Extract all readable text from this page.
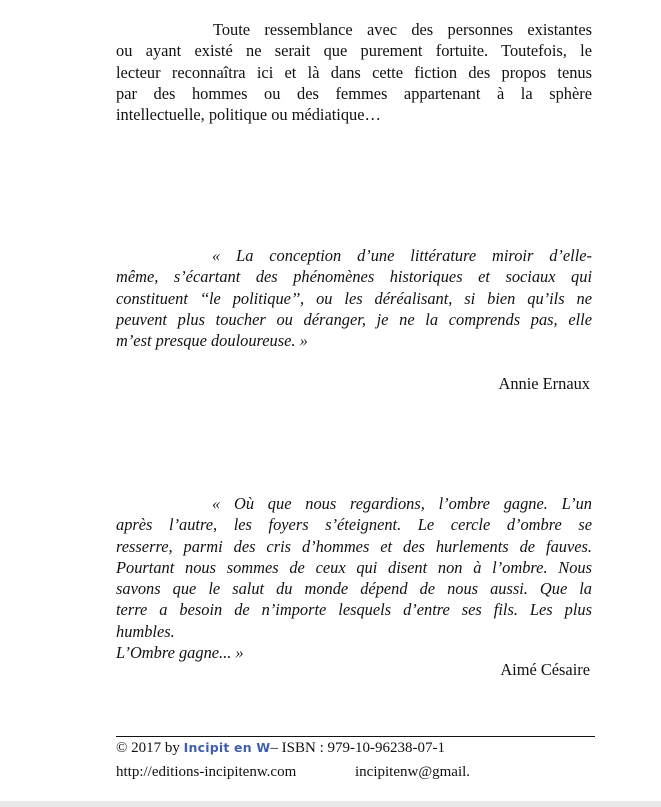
Toute ressemblance avec des personnes existantes
ou ayant existé ne serait que purement fortuite. Toutefois, le
lecteur reconnaîtra ici et là dans cette fiction des propos tenus
par des hommes ou des femmes appartenant à la sphère
intellectuelle, politique ou médiatique…
« La conception d’une littérature miroir d’elle-
même, s’écartant des phénomènes historiques et sociaux qui
constituent ‘‘le politique’’, ou les déréalisant, si bien qu’ils ne
peuvent plus toucher ou déranger, je ne la comprends pas, elle
m’est presque douloureuse. »
Annie Ernaux
« Où que nous regardions, l’ombre gagne. L’un
après l’autre, les foyers s’éteignent. Le cercle d’ombre se
resserre, parmi des cris d’hommes et des hurlements de fauves.
Pourtant nous sommes de ceux qui disent non à l’ombre. Nous
savons que le salut du monde dépend de nous aussi. Que la
terre a besoin de n’importe lesquels d’entre ses fils. Les plus
humbles.
L’Ombre gagne... »
Aimé Césaire
© 2017 by Incipit en W– ISBN : 979-10-96238-07-1
http://editions-incipitenw.com	incipitenw@gmail.
